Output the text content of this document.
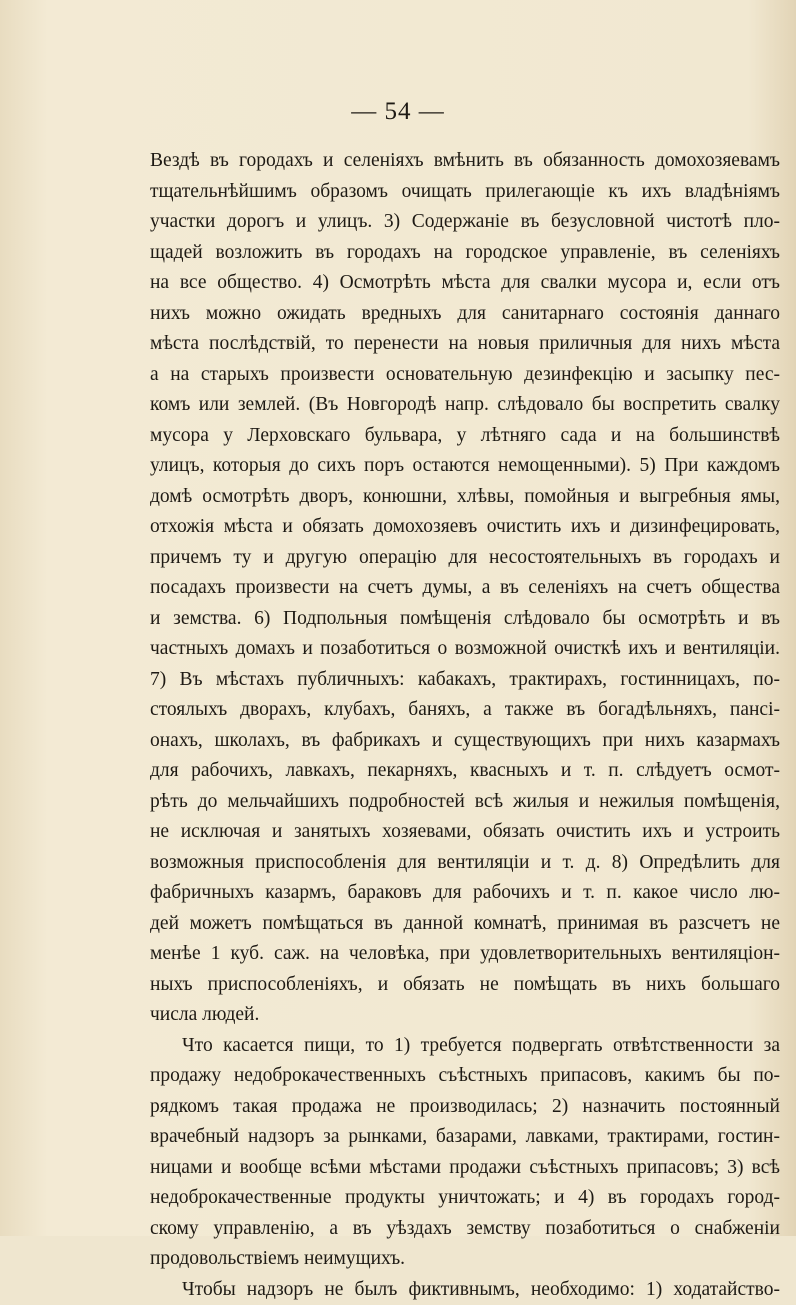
— 54 —
Вездѣ въ городахъ и селеніяхъ вмѣнить въ обязанность домохозяевамъ
тщательнѣйшимъ образомъ очищать прилегающіе къ ихъ владѣніямъ
участки дорогъ и улицъ. 3) Содержаніе въ безусловной чистотѣ пло-
щадей возложить въ городахъ на городское управленіе, въ селеніяхъ
на все общество. 4) Осмотрѣть мѣста для свалки мусора и, если отъ
нихъ можно ожидать вредныхъ для санитарнаго состоянія даннаго
мѣста послѣдствій, то перенести на новыя приличныя для нихъ мѣста
а на старыхъ произвести основательную дезинфекцію и засыпку пес-
комъ или землей. (Въ Новгородѣ напр. слѣдовало бы воспретить свалку
мусора у Лерховскаго бульвара, у лѣтняго сада и на большинствѣ
улицъ, которыя до сихъ поръ остаются немощенными). 5) При каждомъ
домѣ осмотрѣть дворъ, конюшни, хлѣвы, помойныя и выгребныя ямы,
отхожія мѣста и обязать домохозяевъ очистить ихъ и дизинфецировать,
причемъ ту и другую операцію для несостоятельныхъ въ городахъ и
посадахъ произвести на счетъ думы, а въ селеніяхъ на счетъ общества
и земства. 6) Подпольныя помѣщенія слѣдовало бы осмотрѣть и въ
частныхъ домахъ и позаботиться о возможной очисткѣ ихъ и вентиляціи.
7) Въ мѣстахъ публичныхъ: кабакахъ, трактирахъ, гостинницахъ, по-
стоялыхъ дворахъ, клубахъ, баняхъ, а также въ богадѣльняхъ, пансі-
онахъ, школахъ, въ фабрикахъ и существующихъ при нихъ казармахъ
для рабочихъ, лавкахъ, пекарняхъ, квасныхъ и т. п. слѣдуетъ осмот-
рѣть до мельчайшихъ подробностей всѣ жилыя и нежилыя помѣщенія,
не исключая и занятыхъ хозяевами, обязать очистить ихъ и устроить
возможныя приспособленія для вентиляціи и т. д. 8) Опредѣлить для
фабричныхъ казармъ, бараковъ для рабочихъ и т. п. какое число лю-
дей можетъ помѣщаться въ данной комнатѣ, принимая въ разсчетъ не
менѣе 1 куб. саж. на человѣка, при удовлетворительныхъ вентиляціон-
ныхъ приспособленіяхъ, и обязать не помѣщать въ нихъ большаго
числа людей.
Что касается пищи, то 1) требуется подвергать отвѣтственности за
продажу недоброкачественныхъ съѣстныхъ припасовъ, какимъ бы по-
рядкомъ такая продажа не производилась; 2) назначить постоянный
врачебный надзоръ за рынками, базарами, лавками, трактирами, гостин-
ницами и вообще всѣми мѣстами продажи съѣстныхъ припасовъ; 3) всѣ
недоброкачественные продукты уничтожать; и 4) въ городахъ город-
скому управленію, а въ уѣздахъ земству позаботиться о снабженіи
продовольствіемъ неимущихъ.
Чтобы надзоръ не былъ фиктивнымъ, необходимо: 1) ходатайство-
